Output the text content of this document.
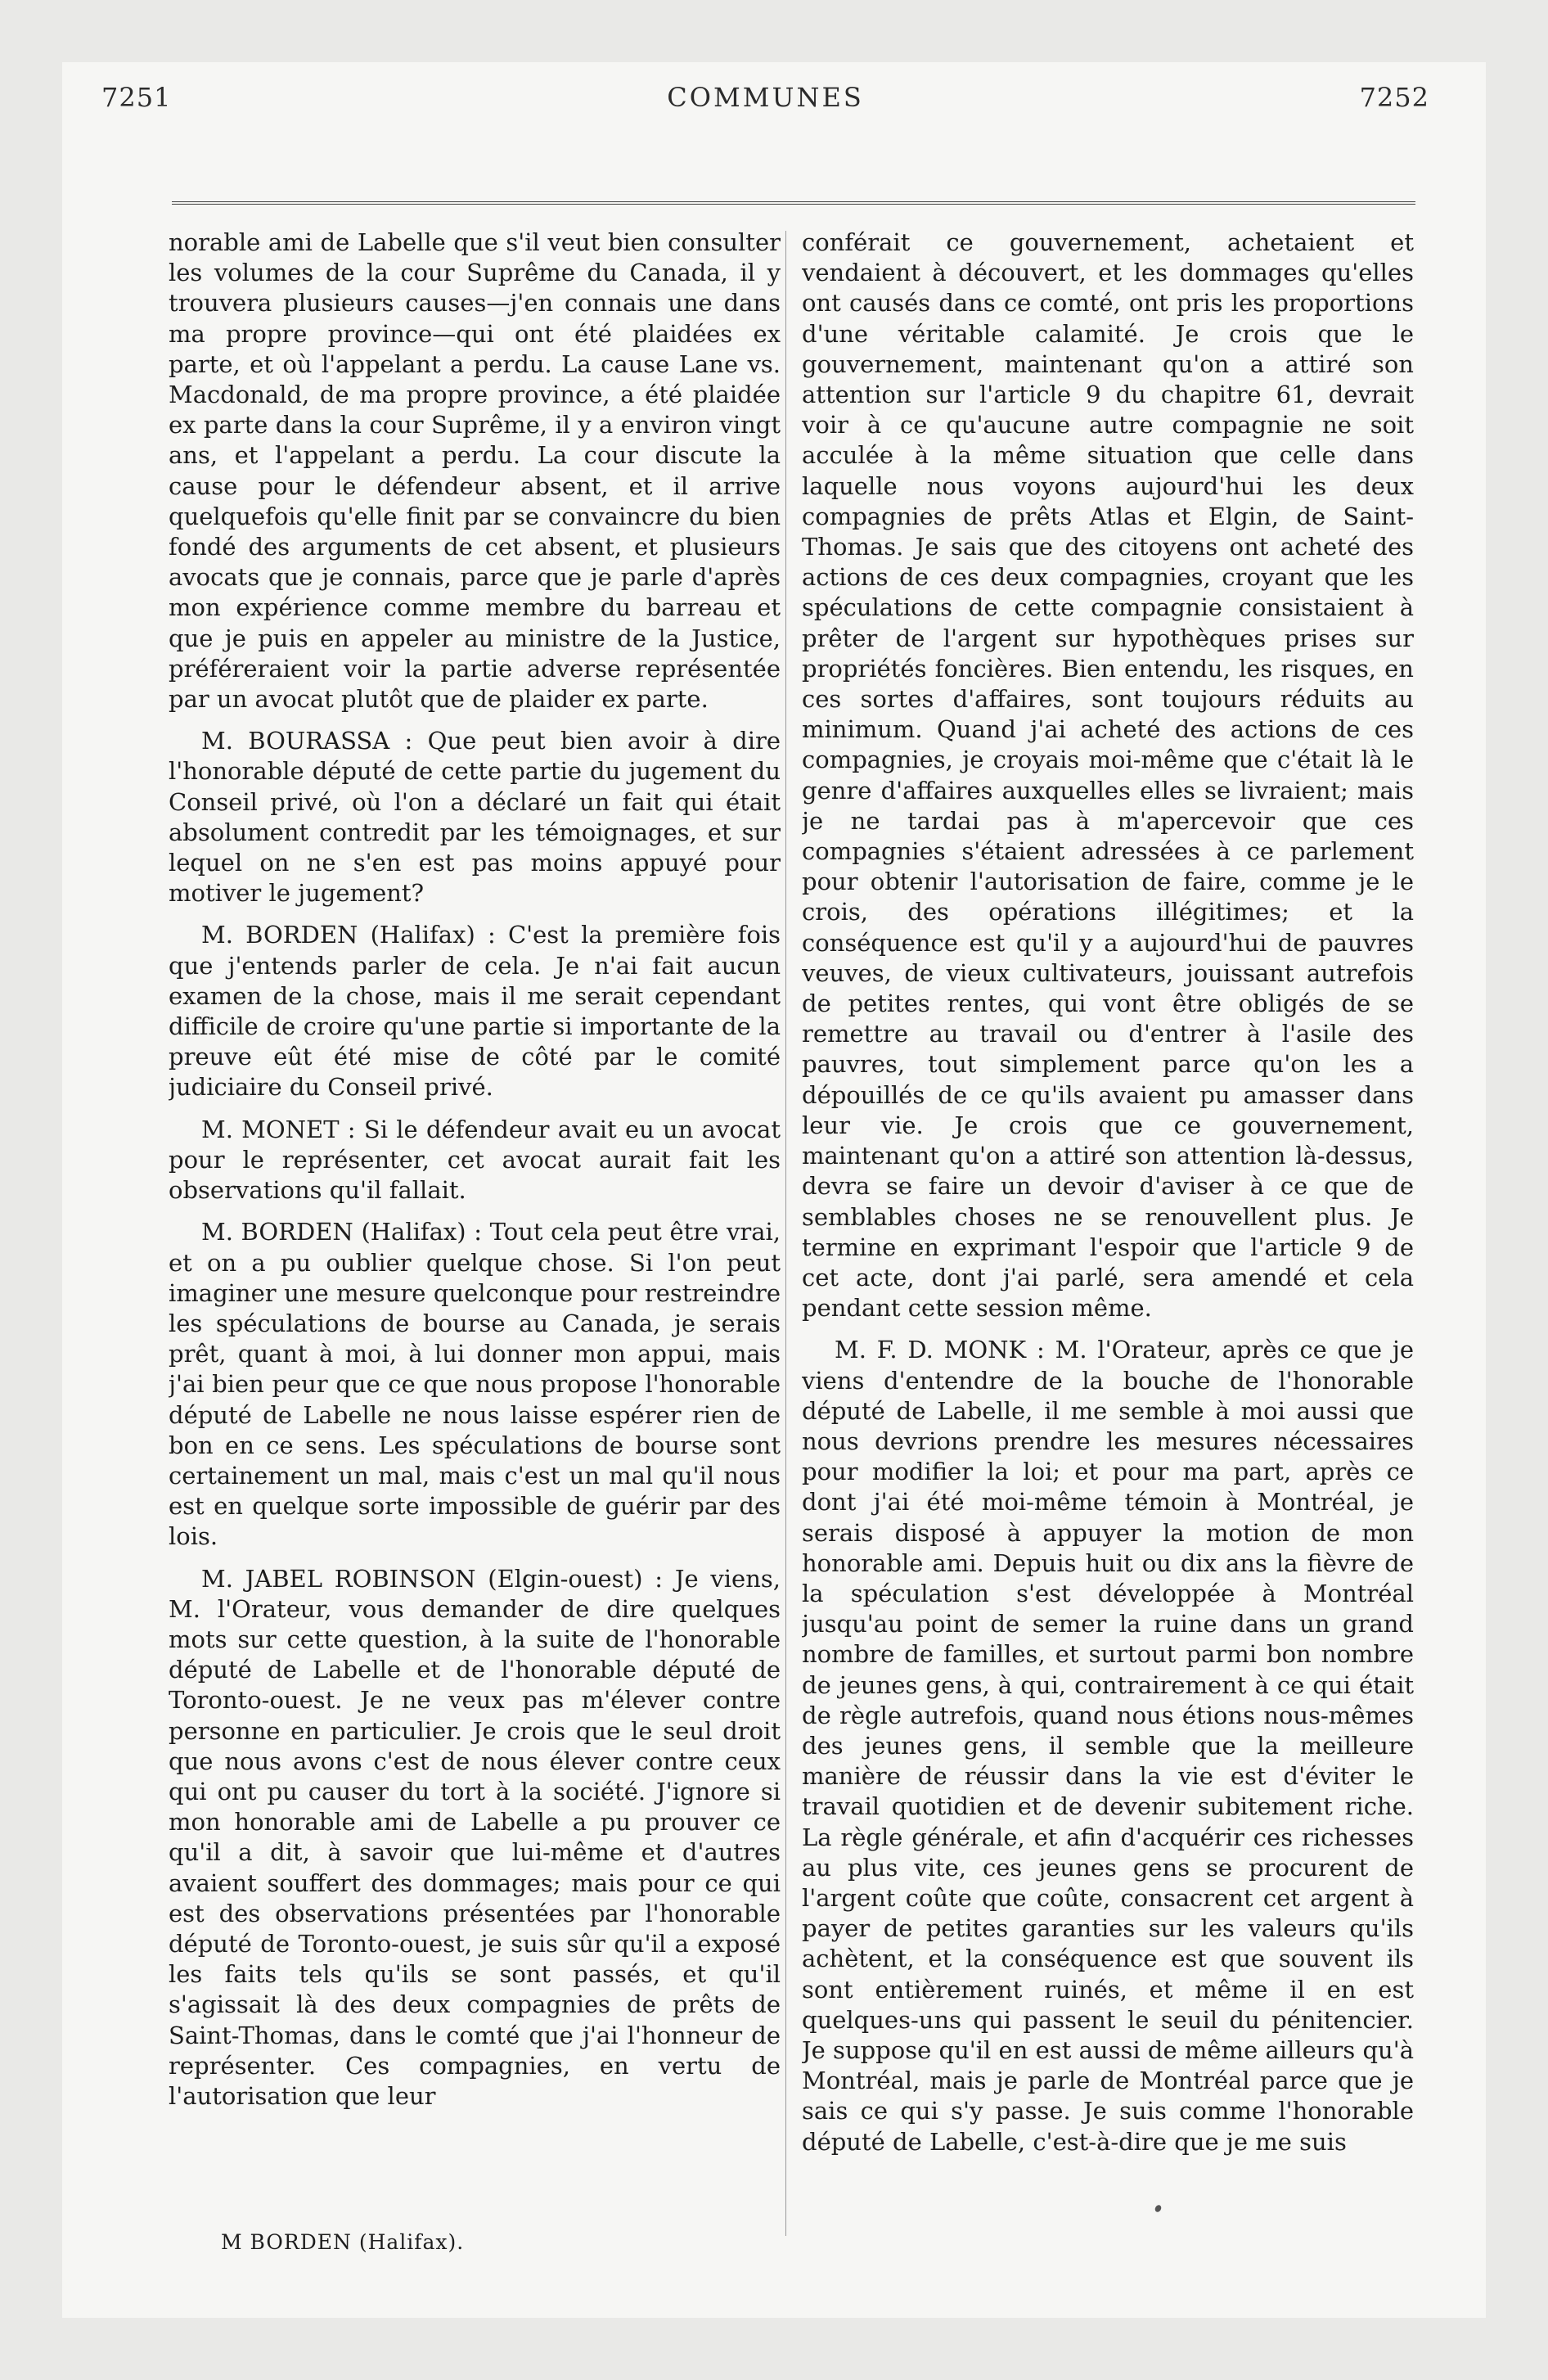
7251	COMMUNES	7252

norable ami de Labelle que s'il veut bien consulter les volumes de la cour Suprême du Canada, il y trouvera plusieurs causes—j'en connais une dans ma propre province—qui ont été plaidées ex parte, et où l'appelant a perdu. La cause Lane vs. Macdonald, de ma propre province, a été plaidée ex parte dans la cour Suprême, il y a environ vingt ans, et l'appelant a perdu. La cour discute la cause pour le défendeur absent, et il arrive quelquefois qu'elle finit par se convaincre du bien fondé des arguments de cet absent, et plusieurs avocats que je connais, parce que je parle d'après mon expérience comme membre du barreau et que je puis en appeler au ministre de la Justice, préféreraient voir la partie adverse représentée par un avocat plutôt que de plaider ex parte.

M. BOURASSA : Que peut bien avoir à dire l'honorable député de cette partie du jugement du Conseil privé, où l'on a déclaré un fait qui était absolument contredit par les témoignages, et sur lequel on ne s'en est pas moins appuyé pour motiver le jugement?

M. BORDEN (Halifax) : C'est la première fois que j'entends parler de cela. Je n'ai fait aucun examen de la chose, mais il me serait cependant difficile de croire qu'une partie si importante de la preuve eût été mise de côté par le comité judiciaire du Conseil privé.

M. MONET : Si le défendeur avait eu un avocat pour le représenter, cet avocat aurait fait les observations qu'il fallait.

M. BORDEN (Halifax) : Tout cela peut être vrai, et on a pu oublier quelque chose. Si l'on peut imaginer une mesure quelconque pour restreindre les spéculations de bourse au Canada, je serais prêt, quant à moi, à lui donner mon appui, mais j'ai bien peur que ce que nous propose l'honorable député de Labelle ne nous laisse espérer rien de bon en ce sens. Les spéculations de bourse sont certainement un mal, mais c'est un mal qu'il nous est en quelque sorte impossible de guérir par des lois.

M. JABEL ROBINSON (Elgin-ouest) : Je viens, M. l'Orateur, vous demander de dire quelques mots sur cette question, à la suite de l'honorable député de Labelle et de l'honorable député de Toronto-ouest. Je ne veux pas m'élever contre personne en particulier. Je crois que le seul droit que nous avons c'est de nous élever contre ceux qui ont pu causer du tort à la société. J'ignore si mon honorable ami de Labelle a pu prouver ce qu'il a dit, à savoir que lui-même et d'autres avaient souffert des dommages; mais pour ce qui est des observations présentées par l'honorable député de Toronto-ouest, je suis sûr qu'il a exposé les faits tels qu'ils se sont passés, et qu'il s'agissait là des deux compagnies de prêts de Saint-Thomas, dans le comté que j'ai l'honneur de représenter. Ces compagnies, en vertu de l'autorisation que leur

conférait ce gouvernement, achetaient et vendaient à découvert, et les dommages qu'elles ont causés dans ce comté, ont pris les proportions d'une véritable calamité. Je crois que le gouvernement, maintenant qu'on a attiré son attention sur l'article 9 du chapitre 61, devrait voir à ce qu'aucune autre compagnie ne soit acculée à la même situation que celle dans laquelle nous voyons aujourd'hui les deux compagnies de prêts Atlas et Elgin, de Saint-Thomas. Je sais que des citoyens ont acheté des actions de ces deux compagnies, croyant que les spéculations de cette compagnie consistaient à prêter de l'argent sur hypothèques prises sur propriétés foncières. Bien entendu, les risques, en ces sortes d'affaires, sont toujours réduits au minimum. Quand j'ai acheté des actions de ces compagnies, je croyais moi-même que c'était là le genre d'affaires auxquelles elles se livraient; mais je ne tardai pas à m'apercevoir que ces compagnies s'étaient adressées à ce parlement pour obtenir l'autorisation de faire, comme je le crois, des opérations illégitimes; et la conséquence est qu'il y a aujourd'hui de pauvres veuves, de vieux cultivateurs, jouissant autrefois de petites rentes, qui vont être obligés de se remettre au travail ou d'entrer à l'asile des pauvres, tout simplement parce qu'on les a dépouillés de ce qu'ils avaient pu amasser dans leur vie. Je crois que ce gouvernement, maintenant qu'on a attiré son attention là-dessus, devra se faire un devoir d'aviser à ce que de semblables choses ne se renouvellent plus. Je termine en exprimant l'espoir que l'article 9 de cet acte, dont j'ai parlé, sera amendé et cela pendant cette session même.

M. F. D. MONK : M. l'Orateur, après ce que je viens d'entendre de la bouche de l'honorable député de Labelle, il me semble à moi aussi que nous devrions prendre les mesures nécessaires pour modifier la loi; et pour ma part, après ce dont j'ai été moi-même témoin à Montréal, je serais disposé à appuyer la motion de mon honorable ami. Depuis huit ou dix ans la fièvre de la spéculation s'est développée à Montréal jusqu'au point de semer la ruine dans un grand nombre de familles, et surtout parmi bon nombre de jeunes gens, à qui, contrairement à ce qui était de règle autrefois, quand nous étions nous-mêmes des jeunes gens, il semble que la meilleure manière de réussir dans la vie est d'éviter le travail quotidien et de devenir subitement riche. La règle générale, et afin d'acquérir ces richesses au plus vite, ces jeunes gens se procurent de l'argent coûte que coûte, consacrent cet argent à payer de petites garanties sur les valeurs qu'ils achètent, et la conséquence est que souvent ils sont entièrement ruinés, et même il en est quelques-uns qui passent le seuil du pénitencier. Je suppose qu'il en est aussi de même ailleurs qu'à Montréal, mais je parle de Montréal parce que je sais ce qui s'y passe. Je suis comme l'honorable député de Labelle, c'est-à-dire que je me suis

M BORDEN (Halifax).
